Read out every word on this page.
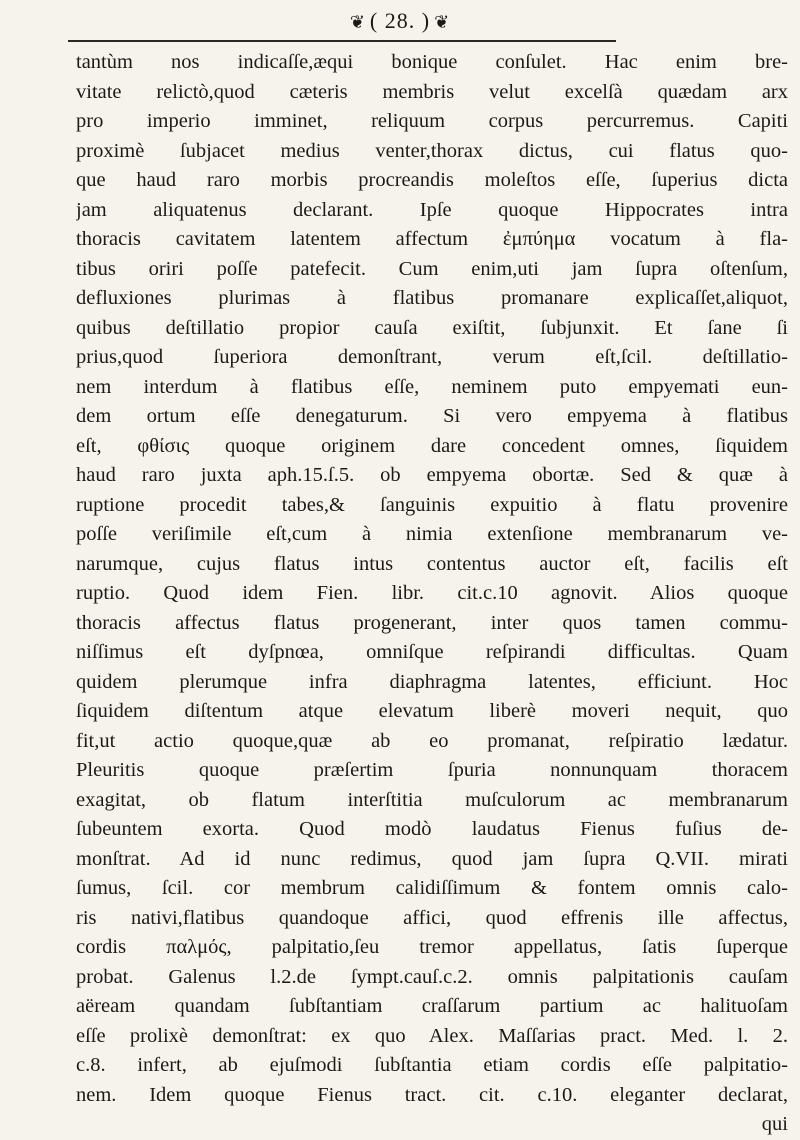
❦ ( 28. ) ❦
tantùm nos indicaſſe,æqui bonique conſulet. Hac enim bre-
vitate relictò,quod cæteris membris velut excelſà quædam arx
pro imperio imminet, reliquum corpus percurremus. Capiti
proximè ſubjacet medius venter,thorax dictus, cui flatus quo-
que haud raro morbis procreandis moleſtos eſſe, ſuperius dicta
jam aliquatenus declarant. Ipſe quoque Hippocrates intra
thoracis cavitatem latentem affectum ἐμπύημα vocatum à fla-
tibus oriri poſſe patefecit. Cum enim,uti jam ſupra oſtenſum,
defluxiones plurimas à flatibus promanare explicaſſet,aliquot,
quibus deſtillatio propior cauſa exiſtit, ſubjunxit. Et ſane ſi
prius,quod ſuperiora demonſtrant, verum eſt,ſcil. deſtillatio-
nem interdum à flatibus eſſe, neminem puto empyemati eun-
dem ortum eſſe denegaturum. Si vero empyema à flatibus
eſt, φθίσις quoque originem dare concedent omnes, ſiquidem
haud raro juxta aph.15.ſ.5. ob empyema obortæ. Sed & quæ à
ruptione procedit tabes,& ſanguinis expuitio à flatu provenire
poſſe veriſimile eſt,cum à nimia extenſione membranarum ve-
narumque, cujus flatus intus contentus auctor eſt, facilis eſt
ruptio. Quod idem Fien. libr. cit.c.10 agnovit. Alios quoque
thoracis affectus flatus progenerant, inter quos tamen commu-
niſſimus eſt dyſpnœa, omniſque reſpirandi difficultas. Quam
quidem plerumque infra diaphragma latentes, efficiunt. Hoc
ſiquidem diſtentum atque elevatum liberè moveri nequit, quo
fit,ut actio quoque,quæ ab eo promanat, reſpiratio lædatur.
Pleuritis quoque præſertim ſpuria nonnunquam thoracem
exagitat, ob flatum interſtitia muſculorum ac membranarum
ſubeuntem exorta. Quod modò laudatus Fienus fuſius de-
monſtrat. Ad id nunc redimus, quod jam ſupra Q.VII. mirati
ſumus, ſcil. cor membrum calidiſſimum & fontem omnis calo-
ris nativi,flatibus quandoque affici, quod effrenis ille affectus,
cordis παλμός, palpitatio,ſeu tremor appellatus, ſatis ſuperque
probat. Galenus l.2.de ſympt.cauſ.c.2. omnis palpitationis cauſam
aëream quandam ſubſtantiam craſſarum partium ac halituoſam
eſſe prolixè demonſtrat: ex quo Alex. Maſſarias pract. Med. l. 2.
c.8. infert, ab ejuſmodi ſubſtantia etiam cordis eſſe palpitatio-
nem. Idem quoque Fienus tract. cit. c.10. eleganter declarat,
qui
